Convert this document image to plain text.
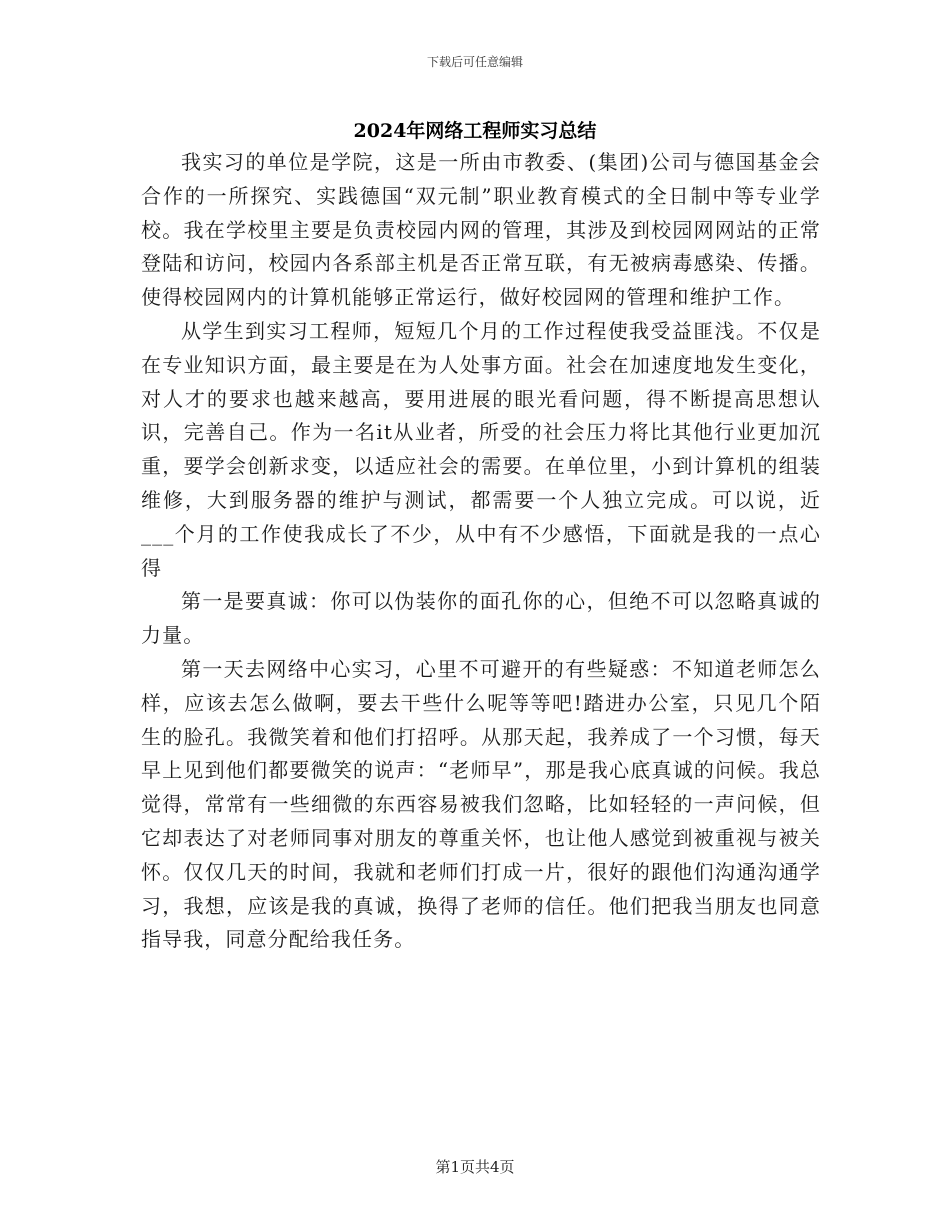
下载后可任意编辑
2024年网络工程师实习总结

我实习的单位是学院，这是一所由市教委、(集团)公司与德国基金会合作的一所探究、实践德国“双元制”职业教育模式的全日制中等专业学校。我在学校里主要是负责校园内网的管理，其涉及到校园网网站的正常登陆和访问，校园内各系部主机是否正常互联，有无被病毒感染、传播。使得校园网内的计算机能够正常运行，做好校园网的管理和维护工作。

从学生到实习工程师，短短几个月的工作过程使我受益匪浅。不仅是在专业知识方面，最主要是在为人处事方面。社会在加速度地发生变化，对人才的要求也越来越高，要用进展的眼光看问题，得不断提高思想认识，完善自己。作为一名it从业者，所受的社会压力将比其他行业更加沉重，要学会创新求变，以适应社会的需要。在单位里，小到计算机的组装维修，大到服务器的维护与测试，都需要一个人独立完成。可以说，近___个月的工作使我成长了不少，从中有不少感悟，下面就是我的一点心得

第一是要真诚：你可以伪装你的面孔你的心，但绝不可以忽略真诚的力量。

第一天去网络中心实习，心里不可避开的有些疑惑：不知道老师怎么样，应该去怎么做啊，要去干些什么呢等等吧!踏进办公室，只见几个陌生的脸孔。我微笑着和他们打招呼。从那天起，我养成了一个习惯，每天早上见到他们都要微笑的说声：“老师早”，那是我心底真诚的问候。我总觉得，常常有一些细微的东西容易被我们忽略，比如轻轻的一声问候，但它却表达了对老师同事对朋友的尊重关怀，也让他人感觉到被重视与被关怀。仅仅几天的时间，我就和老师们打成一片，很好的跟他们沟通沟通学习，我想，应该是我的真诚，换得了老师的信任。他们把我当朋友也同意指导我，同意分配给我任务。

第1页共4页
